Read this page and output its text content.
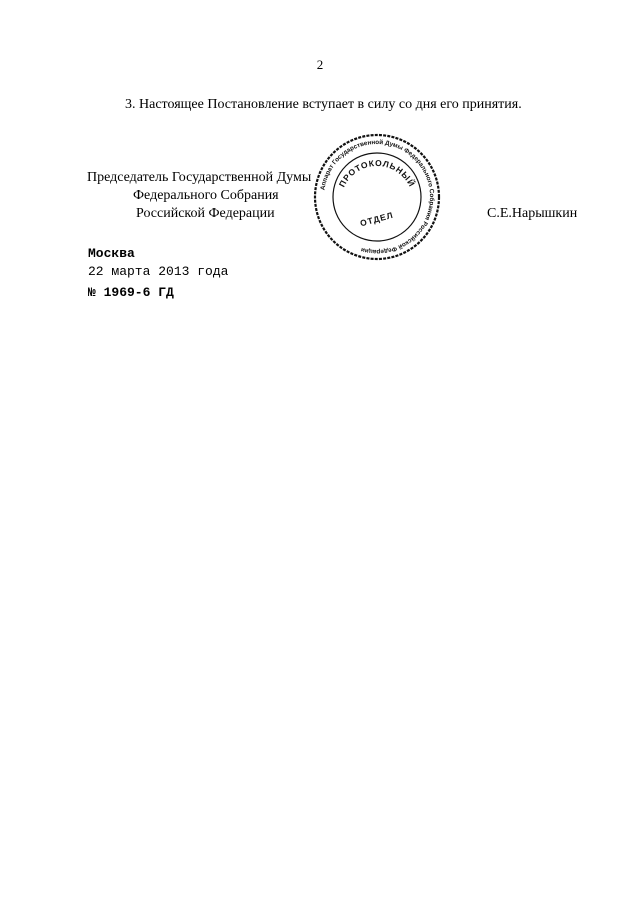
2
3. Настоящее Постановление вступает в силу со дня его принятия.
Председатель Государственной Думы
Федерального Собрания
Российской Федерации	С.Е.Нарышкин
Аппарат Государственной Думы Федерального Собрания Российской Федерации
ПРОТОКОЛЬНЫЙ
ОТДЕЛ
Москва
22 марта 2013 года
№ 1969-6 ГД
